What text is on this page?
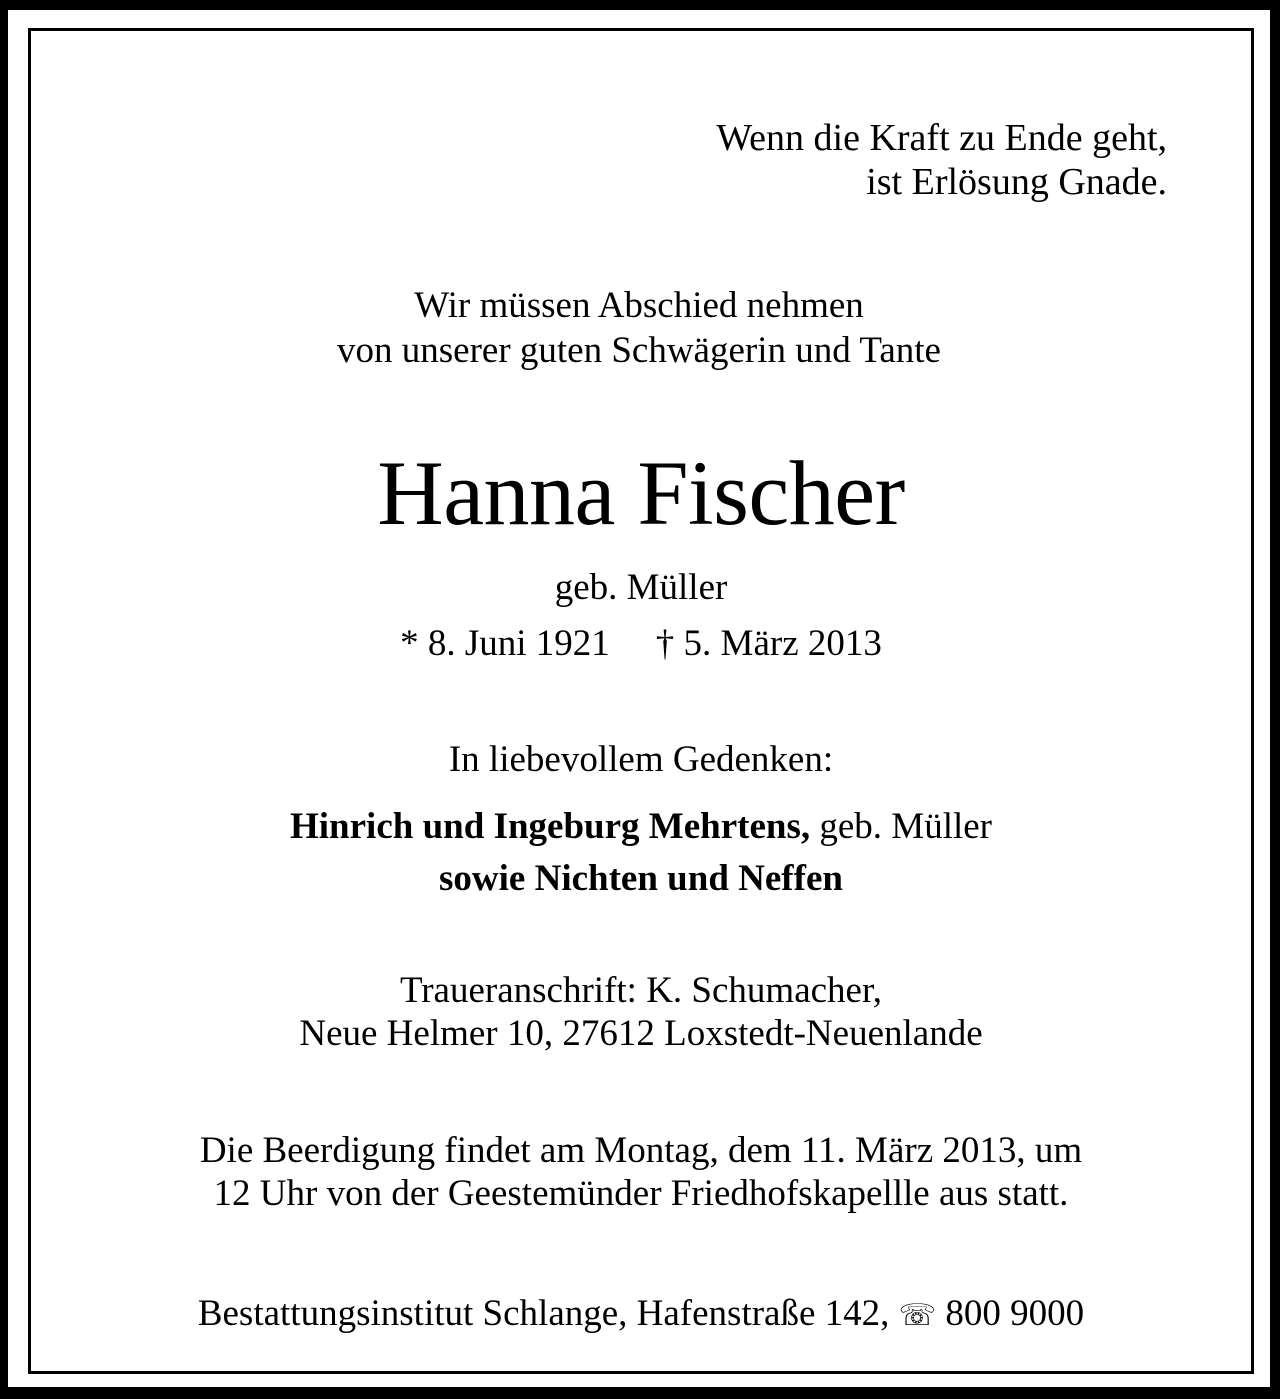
Wenn die Kraft zu Ende geht,
ist Erlösung Gnade.
Wir müssen Abschied nehmen
von unserer guten Schwägerin und Tante
Hanna Fischer
geb. Müller
* 8. Juni 1921 † 5. März 2013
In liebevollem Gedenken:
Hinrich und Ingeburg Mehrtens, geb. Müller
sowie Nichten und Neffen
Traueranschrift: K. Schumacher,
Neue Helmer 10, 27612 Loxstedt-Neuenlande
Die Beerdigung findet am Montag, dem 11. März 2013, um
12 Uhr von der Geestemünder Friedhofskapellle aus statt.
Bestattungsinstitut Schlange, Hafenstraße 142, ☏ 800 9000
